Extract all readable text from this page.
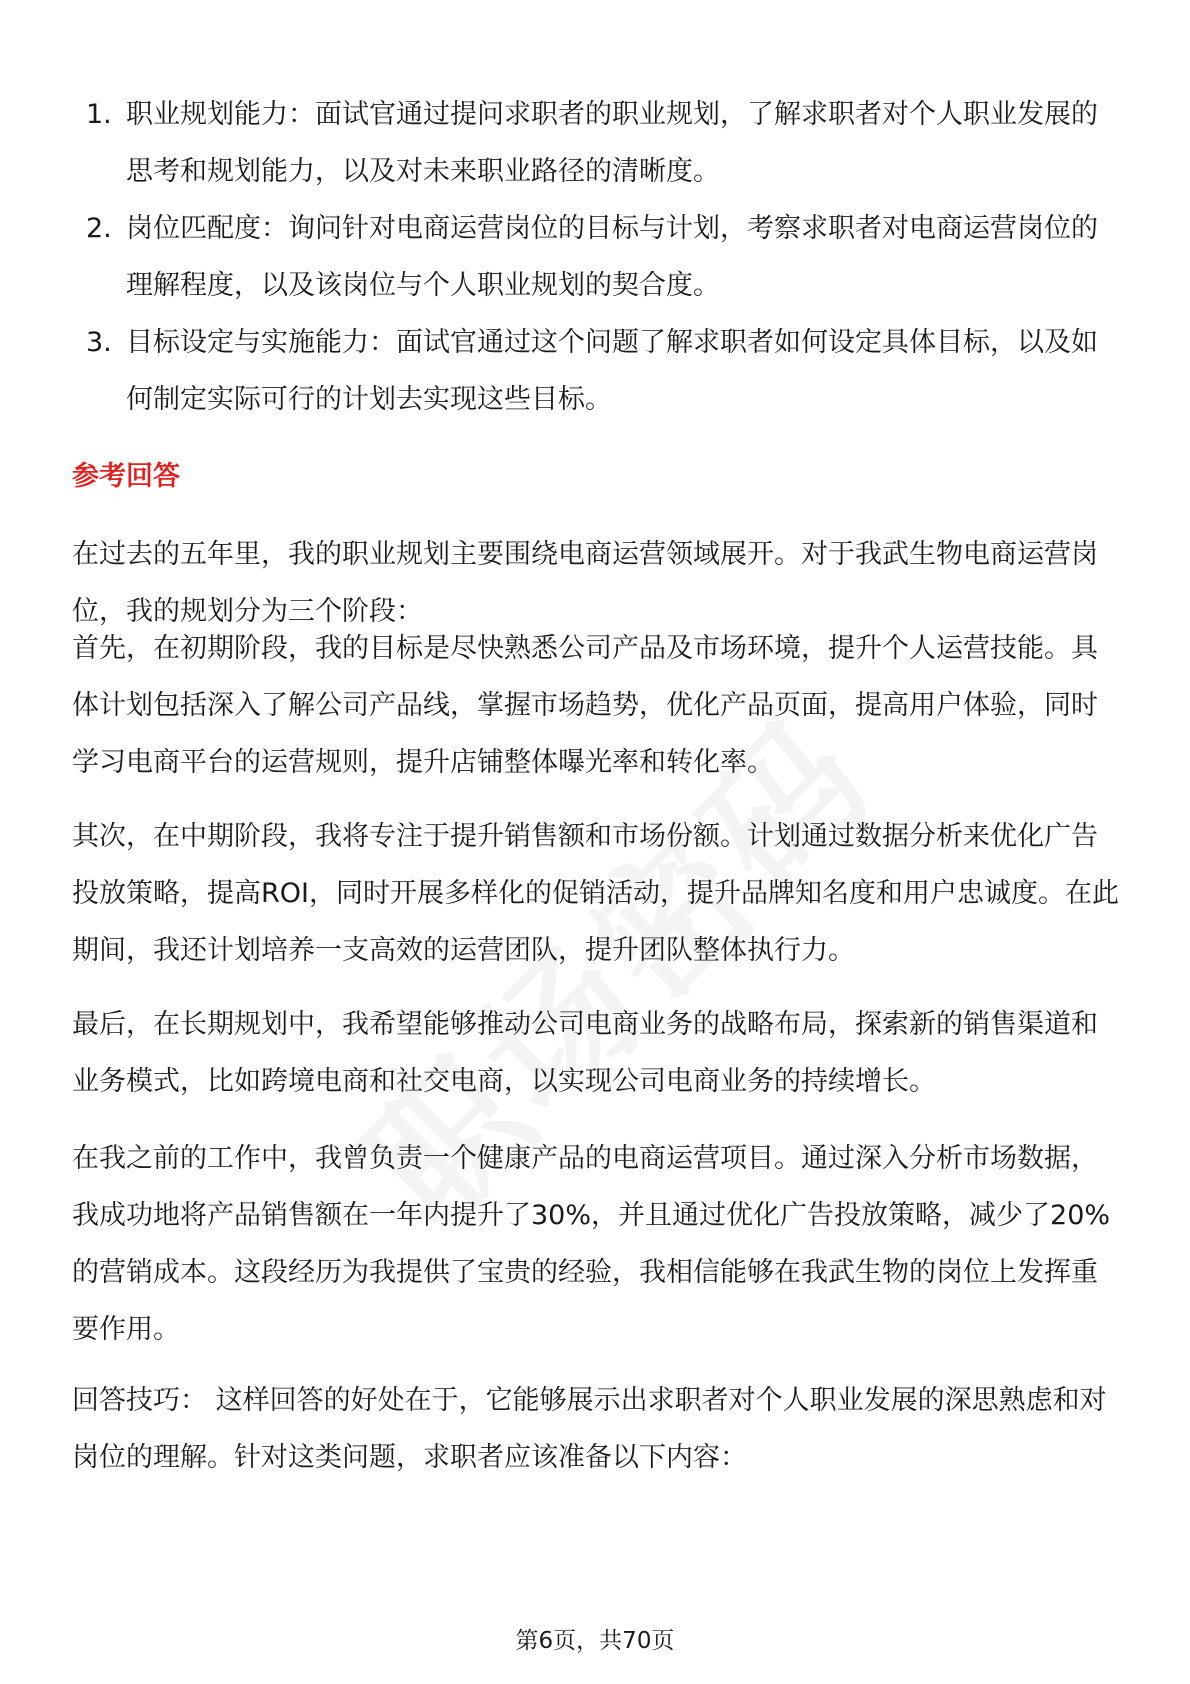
1. 职业规划能力：面试官通过提问求职者的职业规划，了解求职者对个人职业发展的思考和规划能力，以及对未来职业路径的清晰度。
2. 岗位匹配度：询问针对电商运营岗位的目标与计划，考察求职者对电商运营岗位的理解程度，以及该岗位与个人职业规划的契合度。
3. 目标设定与实施能力：面试官通过这个问题了解求职者如何设定具体目标，以及如何制定实际可行的计划去实现这些目标。
参考回答

在过去的五年里，我的职业规划主要围绕电商运营领域展开。对于我武生物电商运营岗位，我的规划分为三个阶段：

首先，在初期阶段，我的目标是尽快熟悉公司产品及市场环境，提升个人运营技能。具体计划包括深入了解公司产品线，掌握市场趋势，优化产品页面，提高用户体验，同时学习电商平台的运营规则，提升店铺整体曝光率和转化率。

其次，在中期阶段，我将专注于提升销售额和市场份额。计划通过数据分析来优化广告投放策略，提高ROI，同时开展多样化的促销活动，提升品牌知名度和用户忠诚度。在此期间，我还计划培养一支高效的运营团队，提升团队整体执行力。

最后，在长期规划中，我希望能够推动公司电商业务的战略布局，探索新的销售渠道和业务模式，比如跨境电商和社交电商，以实现公司电商业务的持续增长。

在我之前的工作中，我曾负责一个健康产品的电商运营项目。通过深入分析市场数据，我成功地将产品销售额在一年内提升了30%，并且通过优化广告投放策略，减少了20%的营销成本。这段经历为我提供了宝贵的经验，我相信能够在我武生物的岗位上发挥重要作用。

回答技巧： 这样回答的好处在于，它能够展示出求职者对个人职业发展的深思熟虑和对岗位的理解。针对这类问题，求职者应该准备以下内容：

第6页，共70页
